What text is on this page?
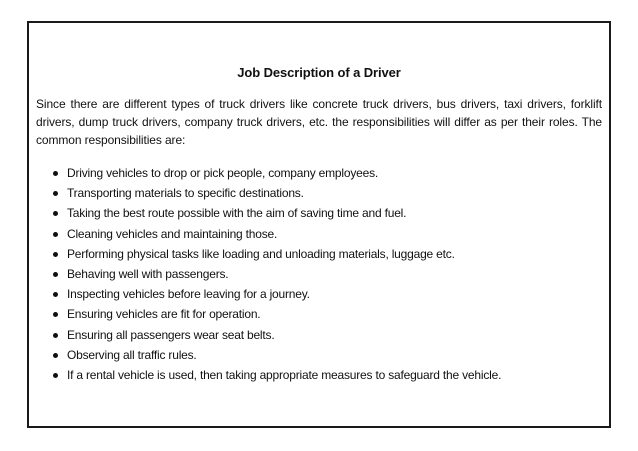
Job Description of a Driver

Since there are different types of truck drivers like concrete truck drivers, bus drivers, taxi drivers, forklift drivers, dump truck drivers, company truck drivers, etc. the responsibilities will differ as per their roles. The common responsibilities are:

Driving vehicles to drop or pick people, company employees.
Transporting materials to specific destinations.
Taking the best route possible with the aim of saving time and fuel.
Cleaning vehicles and maintaining those.
Performing physical tasks like loading and unloading materials, luggage etc.
Behaving well with passengers.
Inspecting vehicles before leaving for a journey.
Ensuring vehicles are fit for operation.
Ensuring all passengers wear seat belts.
Observing all traffic rules.
If a rental vehicle is used, then taking appropriate measures to safeguard the vehicle.
